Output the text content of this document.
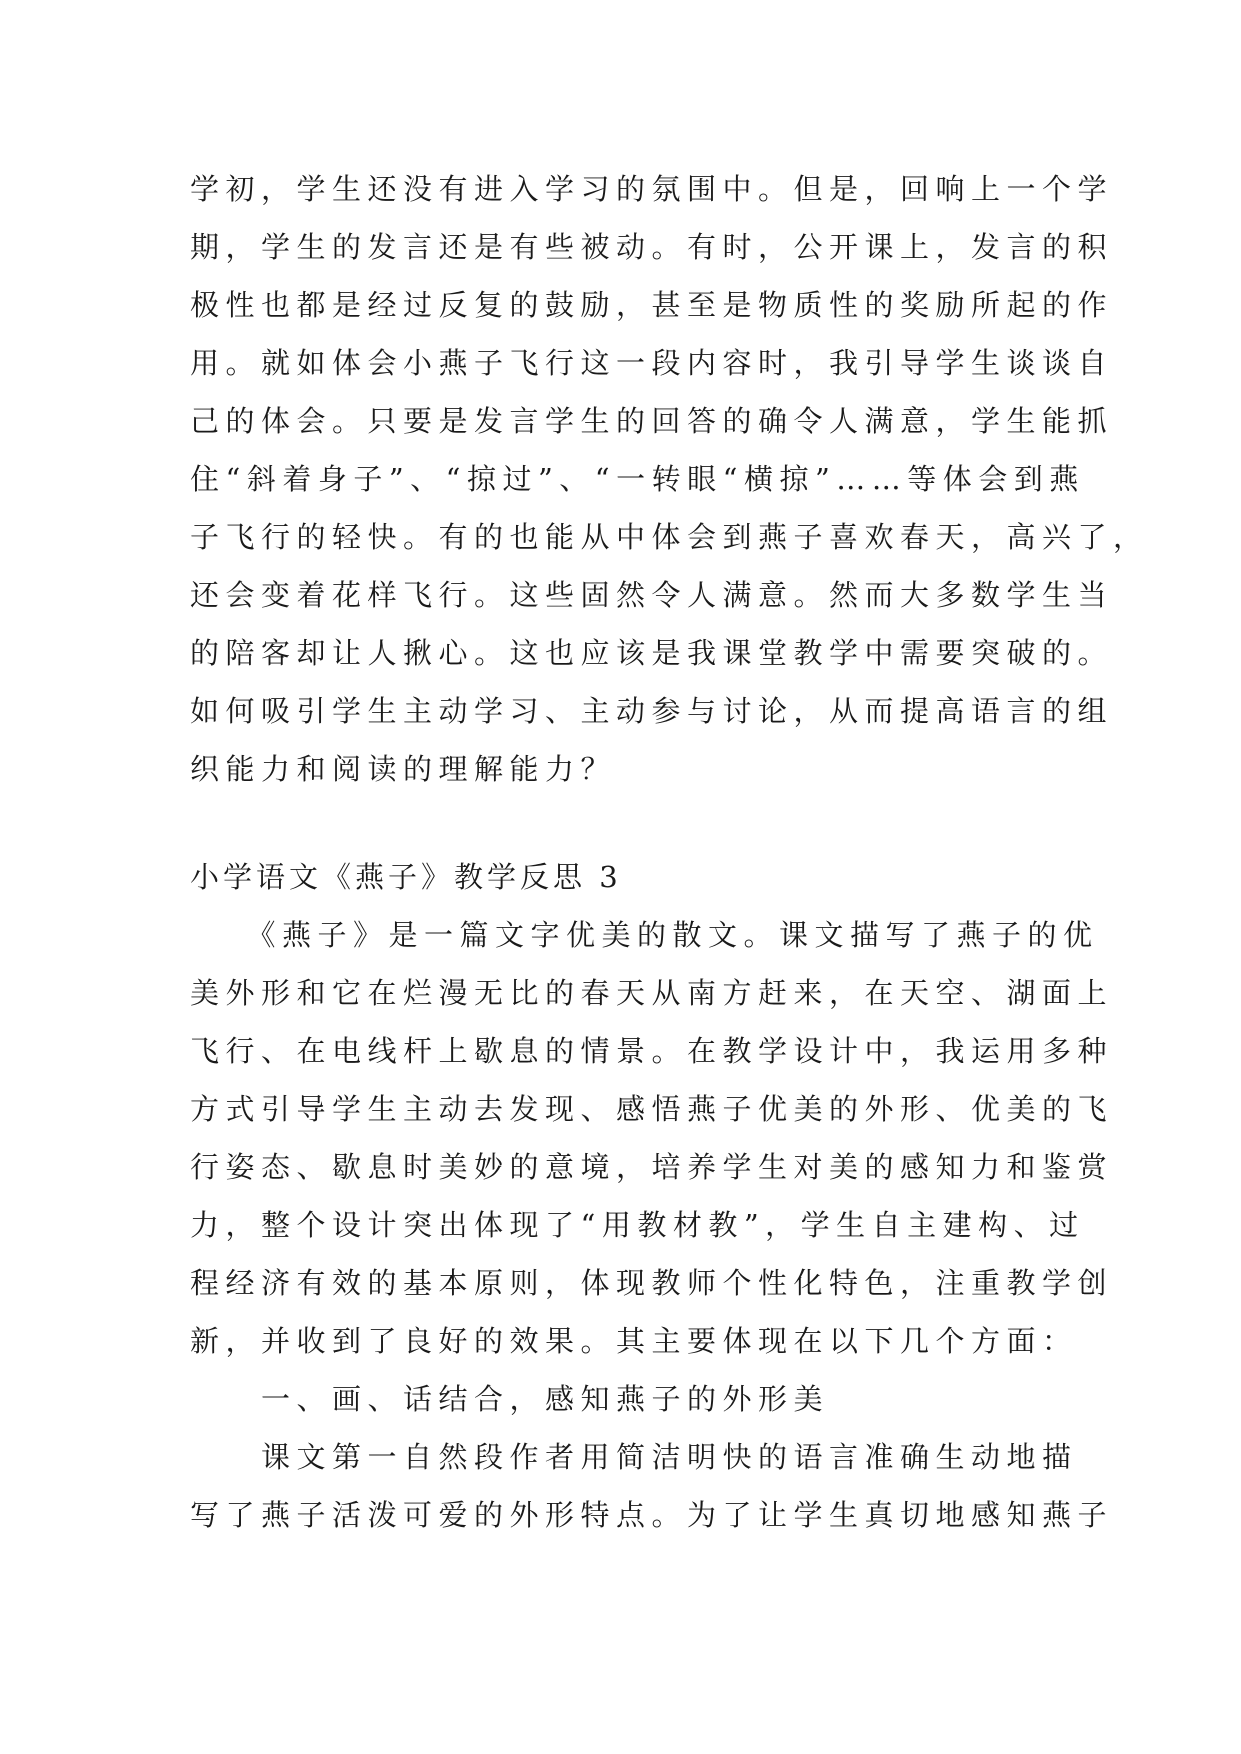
学初，学生还没有进入学习的氛围中。但是，回响上一个学

期，学生的发言还是有些被动。有时，公开课上，发言的积

极性也都是经过反复的鼓励，甚至是物质性的奖励所起的作

用。就如体会小燕子飞行这一段内容时，我引导学生谈谈自

己的体会。只要是发言学生的回答的确令人满意，学生能抓

住“斜着身子”、“掠过”、“一转眼“横掠”……等体会到燕

子飞行的轻快。有的也能从中体会到燕子喜欢春天，高兴了，

还会变着花样飞行。这些固然令人满意。然而大多数学生当

的陪客却让人揪心。这也应该是我课堂教学中需要突破的。

如何吸引学生主动学习、主动参与讨论，从而提高语言的组

织能力和阅读的理解能力？

小学语文《燕子》教学反思 3

　　《燕子》是一篇文字优美的散文。课文描写了燕子的优

美外形和它在烂漫无比的春天从南方赶来，在天空、湖面上

飞行、在电线杆上歇息的情景。在教学设计中，我运用多种

方式引导学生主动去发现、感悟燕子优美的外形、优美的飞

行姿态、歇息时美妙的意境，培养学生对美的感知力和鉴赏

力，整个设计突出体现了“用教材教”，学生自主建构、过

程经济有效的基本原则，体现教师个性化特色，注重教学创

新，并收到了良好的效果。其主要体现在以下几个方面：

　　一、画、话结合，感知燕子的外形美

　　课文第一自然段作者用简洁明快的语言准确生动地描

写了燕子活泼可爱的外形特点。为了让学生真切地感知燕子
